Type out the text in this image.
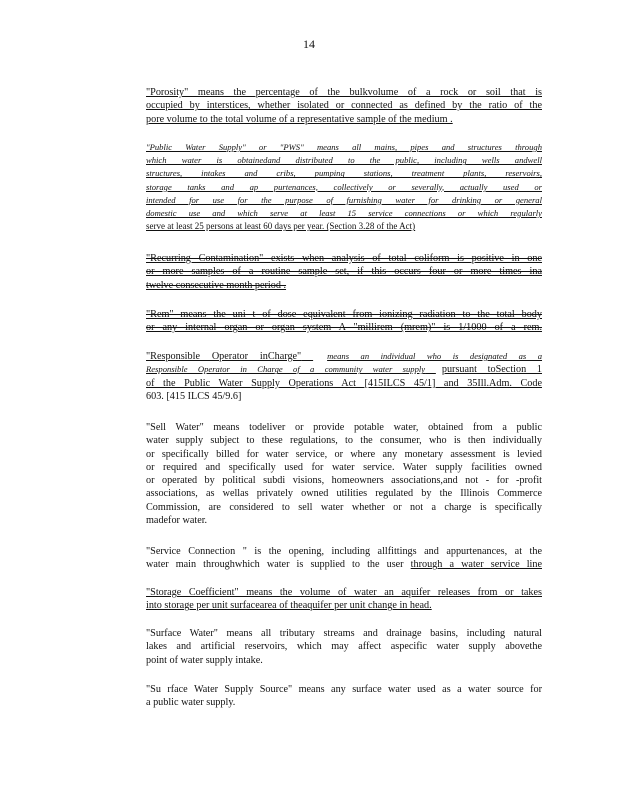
14

"Porosity" means the percentage of the bulkvolume of a rock or soil that is
occupied by interstices, whether isolated or connected as defined by the ratio of the
pore volume to the total volume of a representative sample of the medium .

"Public Water Supply" or "PWS" means all mains, pipes and structures through
which water is obtainedand distributed to the public, including wells andwell
structures, intakes and cribs, pumping stations, treatment plants, reservoirs,
storage tanks and ap purtenances, collectively or severally, actually used or
intended for use for the purpose of furnishing water for drinking or general
domestic use and which serve at least 15 service connections or which regularly
serve at least 25 persons at least 60 days per year. (Section 3.28 of the Act)

"Recurring Contamination" exists when analysis of total coliform is positive in one
or more samples of a routine sample set, if this occurs four or more times ina
twelve consecutive month period .

"Rem" means the uni t of dose equivalent from ionizing radiation to the total body
or any internal organ or organ system A "millirem (mrem)" is 1/1000 of a rem.

"Responsible Operator inCharge"	means an individual who is designated as a
Responsible Operator in Charge of a community water supply pursuant toSection 1
of the Public Water Supply Operations Act [415ILCS 45/1] and 35Ill.Adm. Code
603. [415 ILCS 45/9.6]

"Sell Water" means todeliver or provide potable water, obtained from a public
water supply subject to these regulations, to the consumer, who is then individually
or specifically billed for water service, or where any monetary assessment is levied
or required and specifically used for water service. Water supply facilities owned
or operated by political subdi visions, homeowners associations,and not - for -profit
associations, as wellas privately owned utilities regulated by the Illinois Commerce
Commission, are considered to sell water whether or not a charge is specifically
madefor water.

"Service Connection " is the opening, including allfittings and appurtenances, at the
water main throughwhich water is supplied to the user through a water service line

"Storage Coefficient" means the volume of water an aquifer releases from or takes
into storage per unit surfacearea of theaquifer per unit change in head.

"Surface Water" means all tributary streams and drainage basins, including natural
lakes and artificial reservoirs, which may affect aspecific water supply abovethe
point of water supply intake.

"Su rface Water Supply Source" means any surface water used as a water source for
a public water supply.
